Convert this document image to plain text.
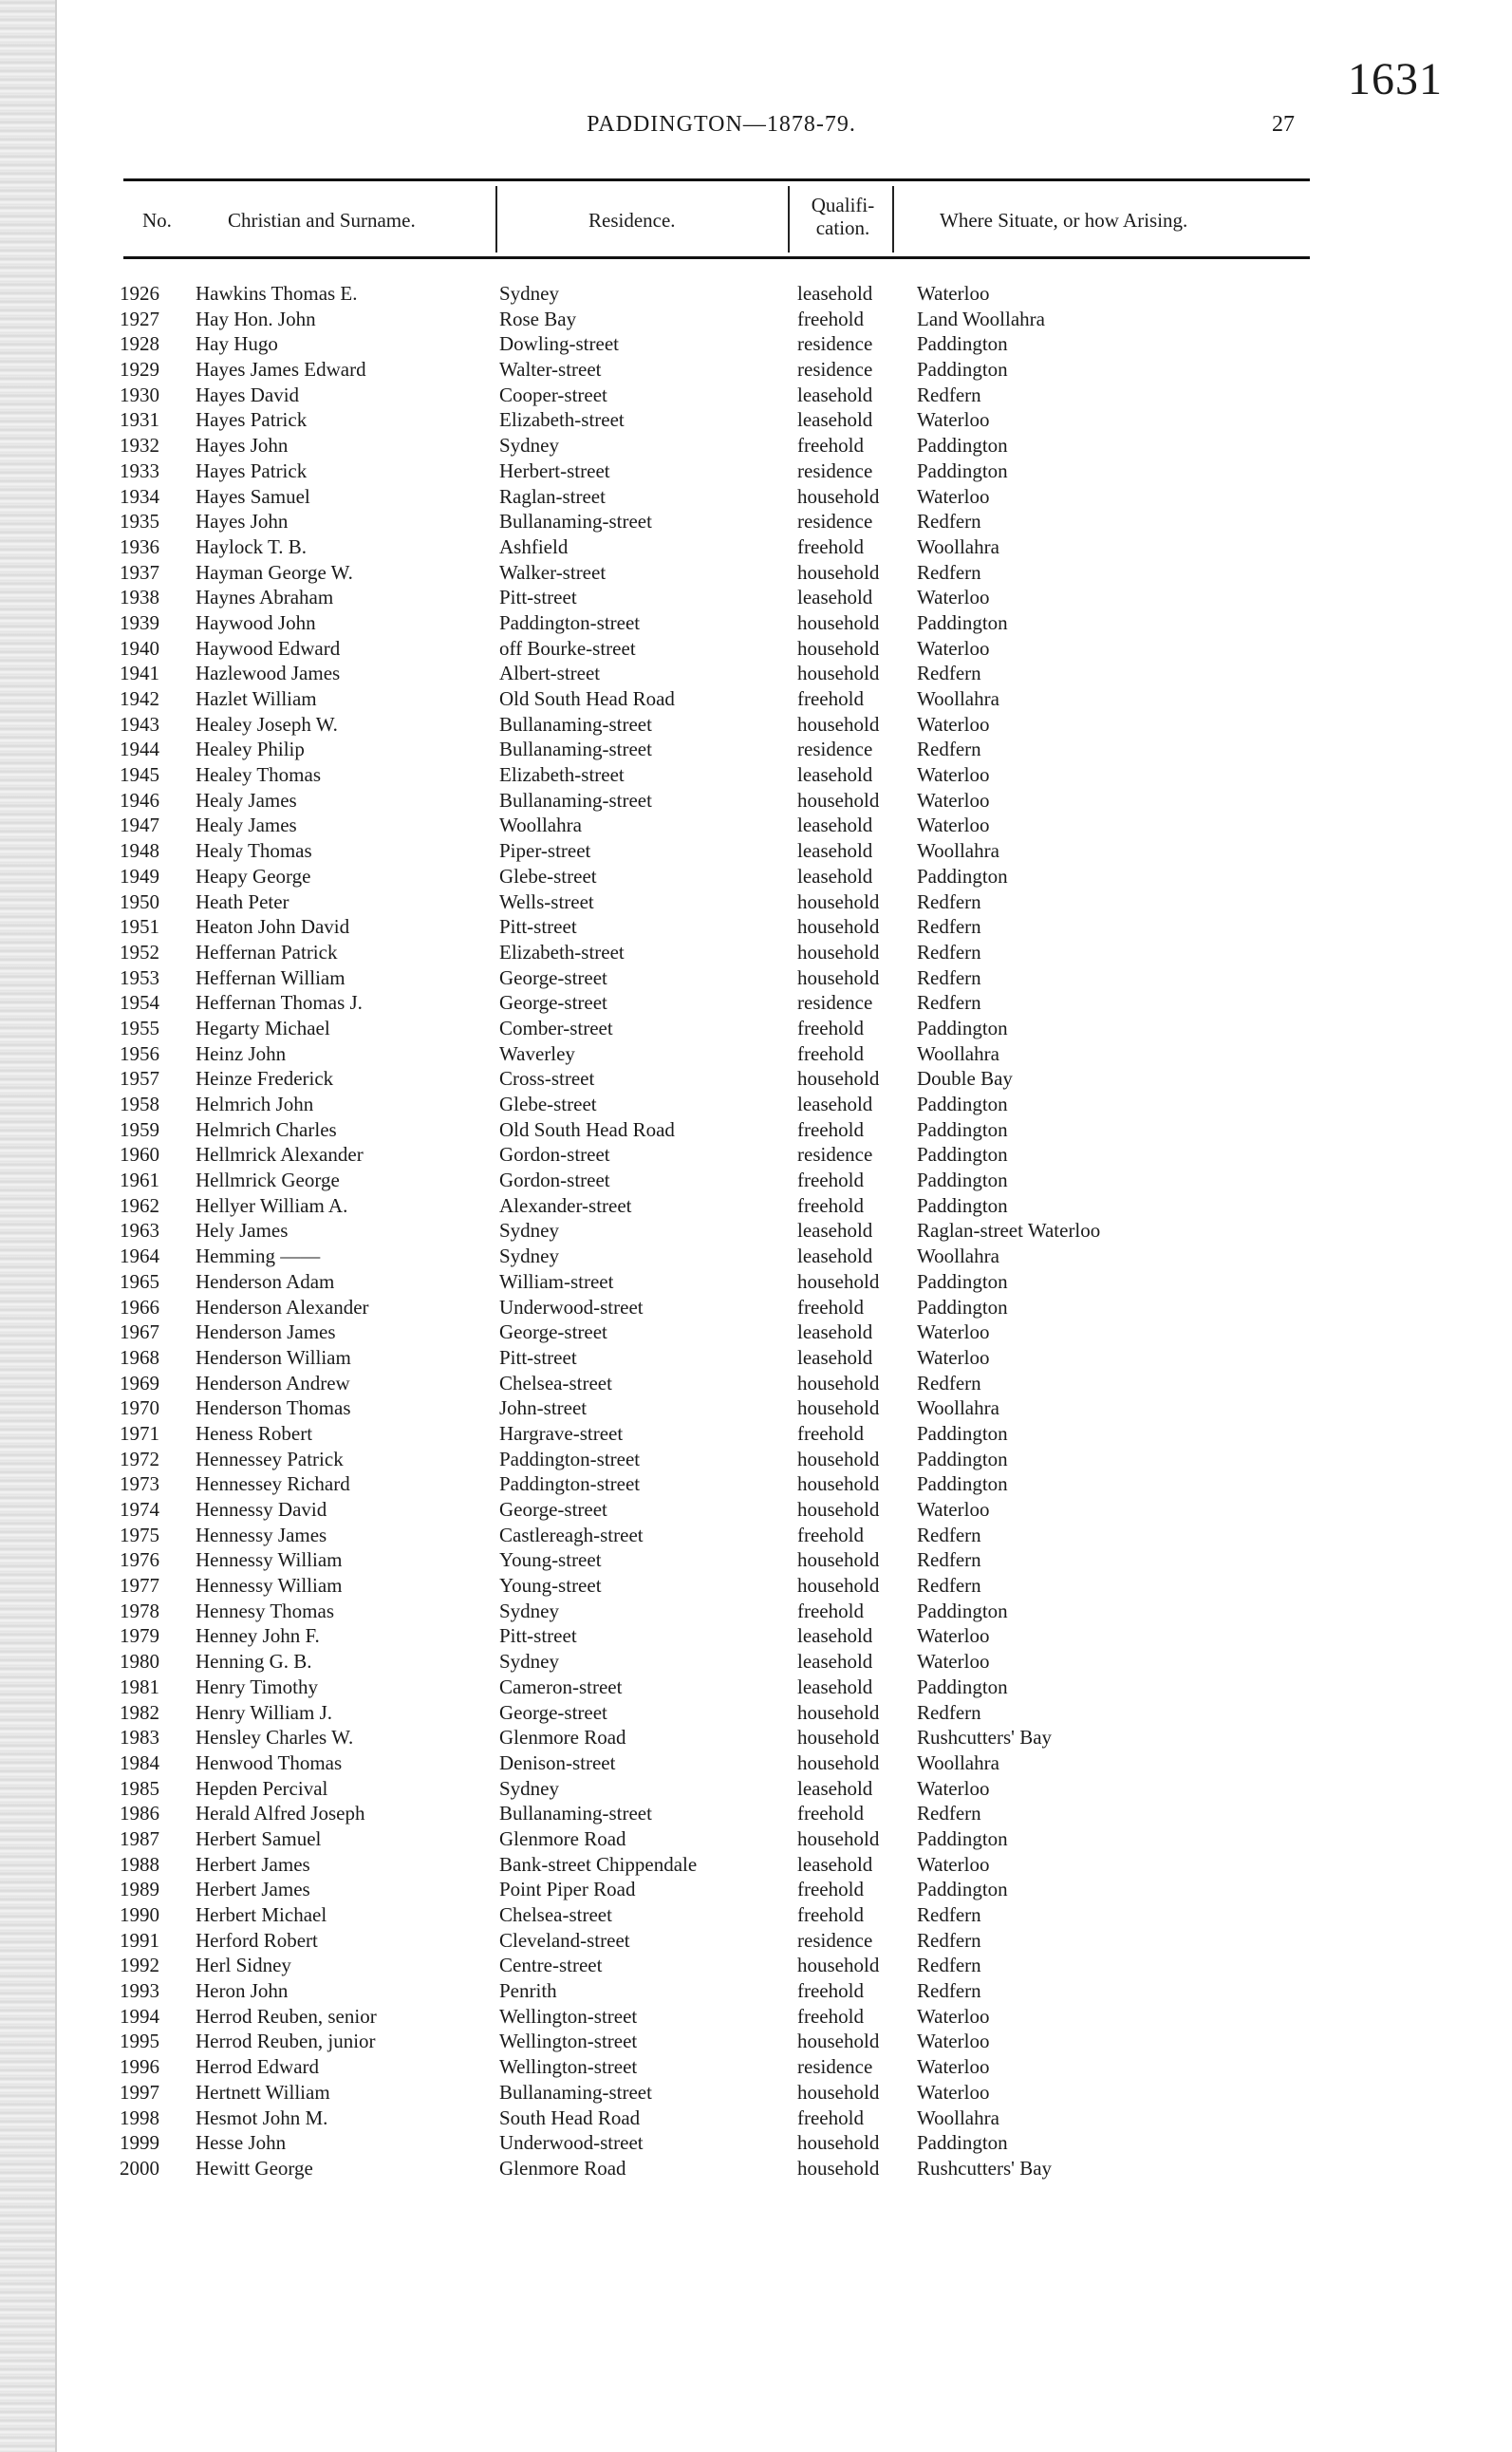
1631
PADDINGTON—1878-79.	27
No.	Christian and Surname.	Residence.
Qualifi-
cation.	Where Situate, or how Arising.
1926 Hawkins Thomas E.	Sydney	leasehold Waterloo
1927 Hay Hon. John	Rose Bay	freehold	Land Woollahra
1928 Hay Hugo	Dowling-street	residence Paddington
1929 Hayes James Edward	Walter-street	residence Paddington
1930 Hayes David	Cooper-street	leasehold Redfern
1931 Hayes Patrick	Elizabeth-street	leasehold Waterloo
1932 Hayes John	Sydney	freehold	Paddington
1933 Hayes Patrick	Herbert-street	residence Paddington
1934 Hayes Samuel	Raglan-street	household Waterloo
1935 Hayes John	Bullanaming-street	residence Redfern
1936 Haylock T. B.	Ashfield	freehold	Woollahra
1937 Hayman George W.	Walker-street	household Redfern
1938 Haynes Abraham	Pitt-street	leasehold Waterloo
1939 Haywood John	Paddington-street	household Paddington
1940 Haywood Edward	off Bourke-street	household Waterloo
1941 Hazlewood James	Albert-street	household Redfern
1942 Hazlet William	Old South Head Road	freehold	Woollahra
1943 Healey Joseph W.	Bullanaming-street	household Waterloo
1944 Healey Philip	Bullanaming-street	residence Redfern
1945 Healey Thomas	Elizabeth-street	leasehold Waterloo
1946 Healy James	Bullanaming-street	household Waterloo
1947 Healy James	Woollahra	leasehold Waterloo
1948 Healy Thomas	Piper-street	leasehold Woollahra
1949 Heapy George	Glebe-street	leasehold Paddington
1950 Heath Peter	Wells-street	household Redfern
1951 Heaton John David	Pitt-street	household Redfern
1952 Heffernan Patrick	Elizabeth-street	household Redfern
1953 Heffernan William	George-street	household Redfern
1954 Heffernan Thomas J.	George-street	residence Redfern
1955 Hegarty Michael	Comber-street	freehold	Paddington
1956 Heinz John	Waverley	freehold	Woollahra
1957 Heinze Frederick	Cross-street	household Double Bay
1958 Helmrich John	Glebe-street	leasehold Paddington
1959 Helmrich Charles	Old South Head Road	freehold	Paddington
1960 Hellmrick Alexander	Gordon-street	residence Paddington
1961 Hellmrick George	Gordon-street	freehold	Paddington
1962 Hellyer William A.	Alexander-street	freehold	Paddington
1963 Hely James	Sydney	leasehold Raglan-street Waterloo
1964 Hemming ——	Sydney	leasehold Woollahra
1965 Henderson Adam	William-street	household Paddington
1966 Henderson Alexander	Underwood-street	freehold	Paddington
1967 Henderson James	George-street	leasehold Waterloo
1968 Henderson William	Pitt-street	leasehold Waterloo
1969 Henderson Andrew	Chelsea-street	household Redfern
1970 Henderson Thomas	John-street	household Woollahra
1971 Heness Robert	Hargrave-street	freehold	Paddington
1972 Hennessey Patrick	Paddington-street	household Paddington
1973 Hennessey Richard	Paddington-street	household Paddington
1974 Hennessy David	George-street	household Waterloo
1975 Hennessy James	Castlereagh-street	freehold	Redfern
1976 Hennessy William	Young-street	household Redfern
1977 Hennessy William	Young-street	household Redfern
1978 Hennesy Thomas	Sydney	freehold	Paddington
1979 Henney John F.	Pitt-street	leasehold Waterloo
1980 Henning G. B.	Sydney	leasehold Waterloo
1981 Henry Timothy	Cameron-street	leasehold Paddington
1982 Henry William J.	George-street	household Redfern
1983 Hensley Charles W.	Glenmore Road	household Rushcutters' Bay
1984 Henwood Thomas	Denison-street	household Woollahra
1985 Hepden Percival	Sydney	leasehold Waterloo
1986 Herald Alfred Joseph	Bullanaming-street	freehold	Redfern
1987 Herbert Samuel	Glenmore Road	household Paddington
1988 Herbert James	Bank-street Chippendale	leasehold Waterloo
1989 Herbert James	Point Piper Road	freehold	Paddington
1990 Herbert Michael	Chelsea-street	freehold	Redfern
1991 Herford Robert	Cleveland-street	residence Redfern
1992 Herl Sidney	Centre-street	household Redfern
1993 Heron John	Penrith	freehold	Redfern
1994 Herrod Reuben, senior	Wellington-street	freehold	Waterloo
1995 Herrod Reuben, junior	Wellington-street	household Waterloo
1996 Herrod Edward	Wellington-street	residence Waterloo
1997 Hertnett William	Bullanaming-street	household Waterloo
1998 Hesmot John M.	South Head Road	freehold	Woollahra
1999 Hesse John	Underwood-street	household Paddington
2000 Hewitt George	Glenmore Road	household Rushcutters' Bay
